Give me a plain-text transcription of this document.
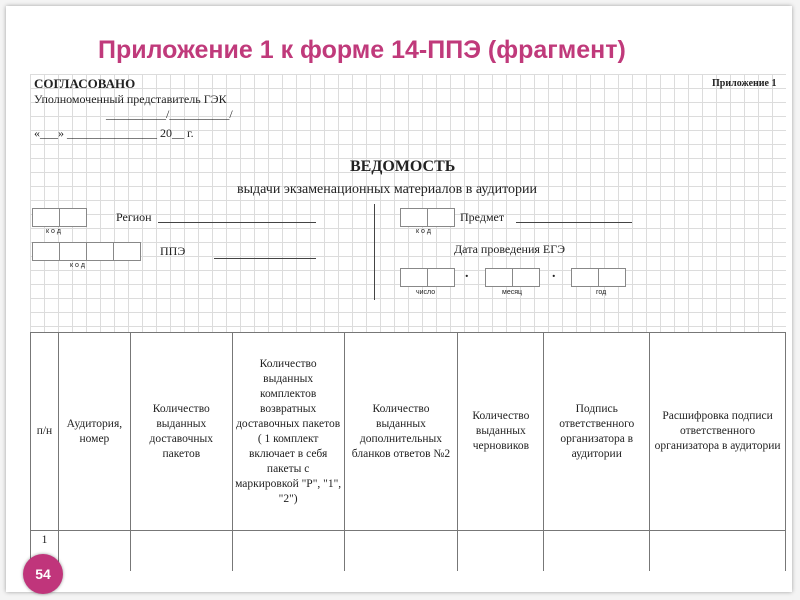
Приложение 1 к форме 14-ППЭ (фрагмент)
СОГЛАСОВАНО	Приложение 1
Уполномоченный представитель ГЭК
__________/__________/
«___» _______________ 20__ г.
ВЕДОМОСТЬ
выдачи экзаменационных материалов в аудитории
к о д
Регион
к о д
ППЭ
к о д
Предмет
Дата проведения ЕГЭ
.	.
число	месяц	год
п/н	Аудитория, номер	Количество выданных доставочных пакетов	Количество выданных комплектов возвратных доставочных пакетов ( 1 комплект включает в себя пакеты с маркировкой "Р", "1", "2")	Количество выданных дополнительных бланков ответов №2	Количество выданных черновиков	Подпись ответственного организатора в аудитории	Расшифровка подписи ответственного организатора в аудитории
1							
54
